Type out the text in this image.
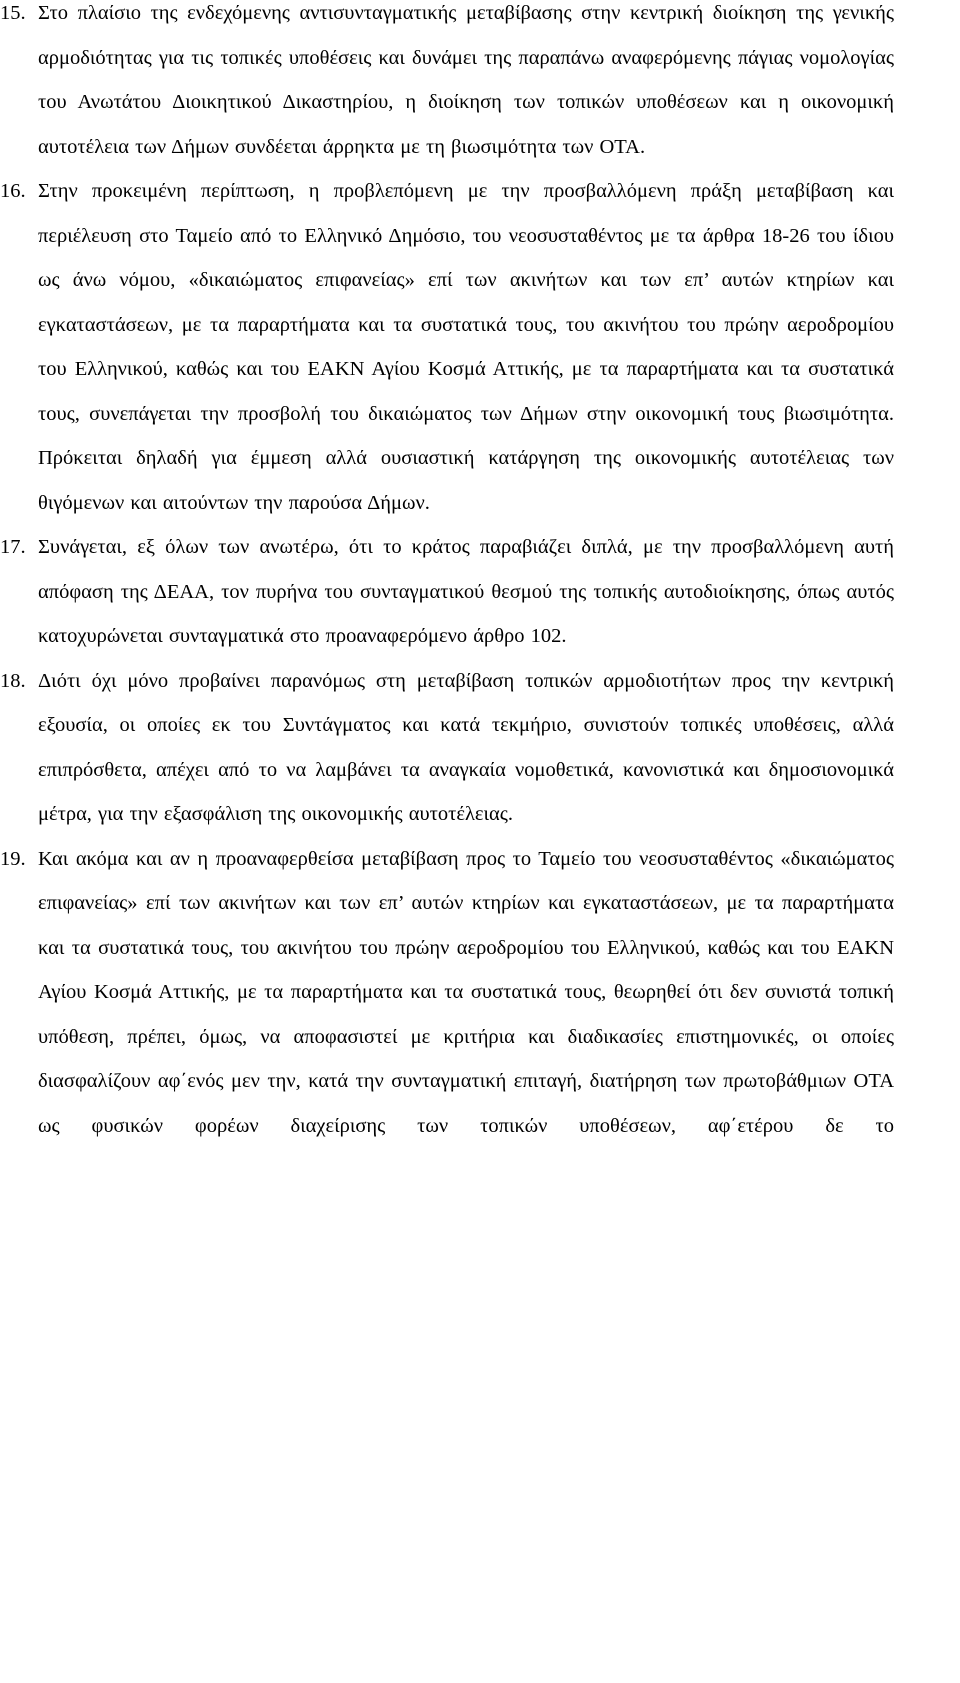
15. Στο πλαίσιο της ενδεχόμενης αντισυνταγματικής μεταβίβασης στην κεντρική διοίκηση της γενικής αρμοδιότητας για τις τοπικές υποθέσεις και δυνάμει της παραπάνω αναφερόμενης πάγιας νομολογίας του Ανωτάτου Διοικητικού Δικαστηρίου, η διοίκηση των τοπικών υποθέσεων και η οικονομική αυτοτέλεια των Δήμων συνδέεται άρρηκτα με τη βιωσιμότητα των ΟΤΑ.
16. Στην προκειμένη περίπτωση, η προβλεπόμενη με την προσβαλλόμενη πράξη μεταβίβαση και περιέλευση στο Ταμείο από το Ελληνικό Δημόσιο, του νεοσυσταθέντος με τα άρθρα 18-26 του ίδιου ως άνω νόμου, «δικαιώματος επιφανείας» επί των ακινήτων και των επ’ αυτών κτηρίων και εγκαταστάσεων, με τα παραρτήματα και τα συστατικά τους, του ακινήτου του πρώην αεροδρομίου του Ελληνικού, καθώς και του ΕΑΚΝ Αγίου Κοσμά Αττικής, με τα παραρτήματα και τα συστατικά τους, συνεπάγεται την προσβολή του δικαιώματος των Δήμων στην οικονομική τους βιωσιμότητα. Πρόκειται δηλαδή για έμμεση αλλά ουσιαστική κατάργηση της οικονομικής αυτοτέλειας των θιγόμενων και αιτούντων την παρούσα Δήμων.
17. Συνάγεται, εξ όλων των ανωτέρω, ότι το κράτος παραβιάζει διπλά, με την προσβαλλόμενη αυτή απόφαση της ΔΕΑΑ, τον πυρήνα του συνταγματικού θεσμού της τοπικής αυτοδιοίκησης, όπως αυτός κατοχυρώνεται συνταγματικά στο προαναφερόμενο άρθρο 102.
18. Διότι όχι μόνο προβαίνει παρανόμως στη μεταβίβαση τοπικών αρμοδιοτήτων προς την κεντρική εξουσία, οι οποίες εκ του Συντάγματος και κατά τεκμήριο, συνιστούν τοπικές υποθέσεις, αλλά επιπρόσθετα, απέχει από το να λαμβάνει τα αναγκαία νομοθετικά, κανονιστικά και δημοσιονομικά μέτρα, για την εξασφάλιση της οικονομικής αυτοτέλειας.
19. Και ακόμα και αν η προαναφερθείσα μεταβίβαση προς το Ταμείο του νεοσυσταθέντος «δικαιώματος επιφανείας» επί των ακινήτων και των επ’ αυτών κτηρίων και εγκαταστάσεων, με τα παραρτήματα και τα συστατικά τους, του ακινήτου του πρώην αεροδρομίου του Ελληνικού, καθώς και του ΕΑΚΝ Αγίου Κοσμά Αττικής, με τα παραρτήματα και τα συστατικά τους, θεωρηθεί ότι δεν συνιστά τοπική υπόθεση, πρέπει, όμως, να αποφασιστεί με κριτήρια και διαδικασίες επιστημονικές, οι οποίες διασφαλίζουν αφ΄ενός μεν την, κατά την συνταγματική επιταγή, διατήρηση των πρωτοβάθμιων ΟΤΑ ως φυσικών φορέων διαχείρισης των τοπικών υποθέσεων, αφ΄ετέρου δε το
